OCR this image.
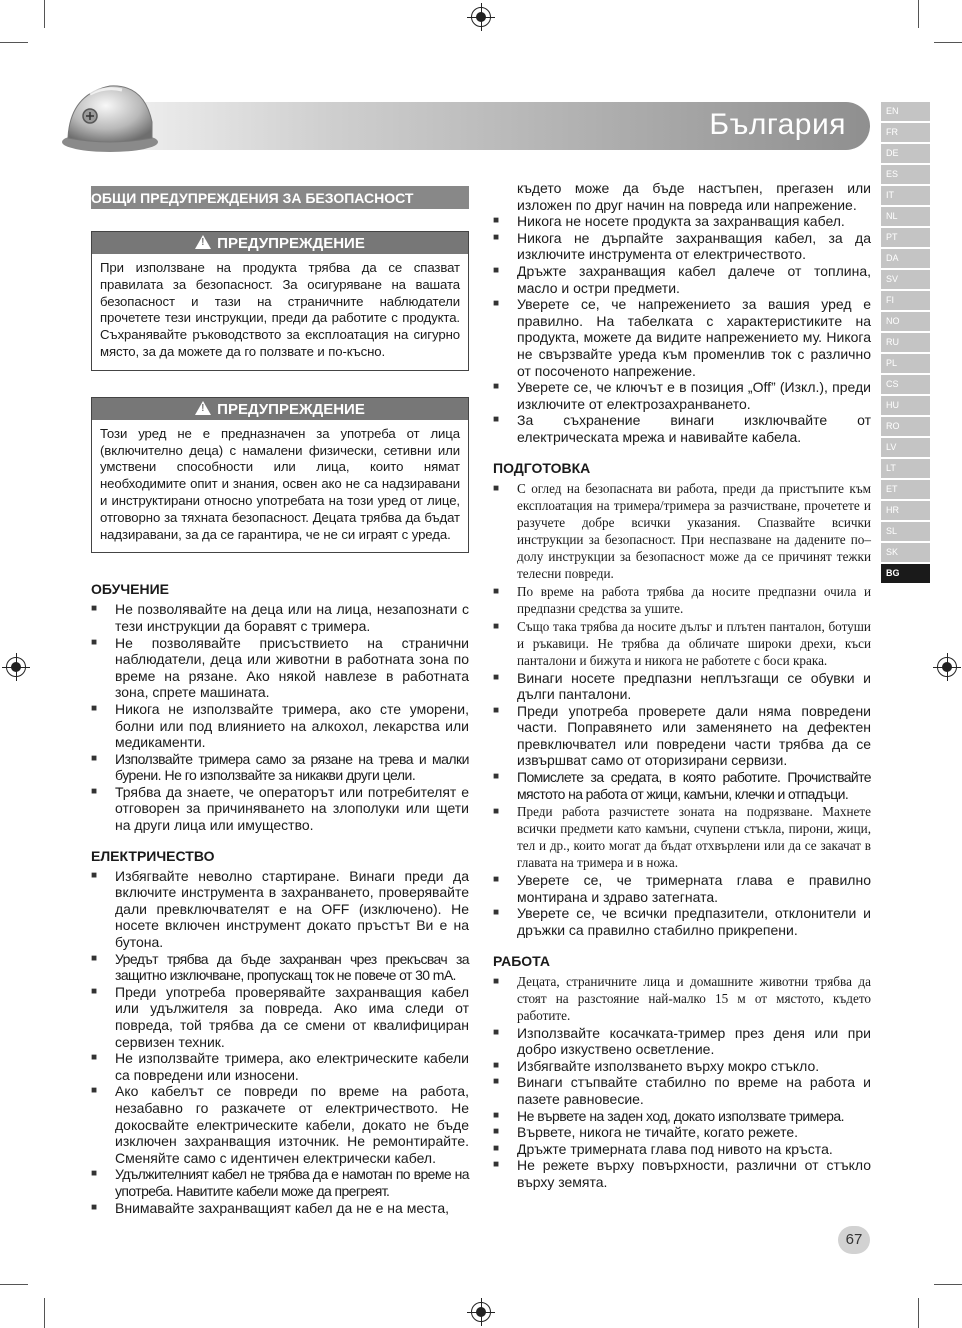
България	EN
FR
DE
ES
IT
NL
PT
DA
SV
FI
NO
RU
PL
CS
HU
RO
LV
LT
ET
HR
SL
SK
BG
ОБЩИ ПРЕДУПРЕЖДЕНИЯ ЗА БЕЗОПАСНОСТ
!ПРЕДУПРЕЖДЕНИЕ
При използване на продукта трябва да се спазват правилата за безопасност. За осигуряване на вашата безопасност и тази на страничните наблюдатели прочетете тези инструкции, преди да работите с продукта. Съхранявайте ръководството за експлоатация на сигурно място, за да можете да го ползвате и по-късно.
!ПРЕДУПРЕЖДЕНИЕ
Този уред не е предназначен за употреба от лица (включително деца) с намалени физически, сетивни или умствени способности или лица, които нямат необходимите опит и знания, освен ако не са надзиравани и инструктирани относно употребата на този уред от лице, отговорно за тяхната безопасност. Децата трябва да бъдат надзиравани, за да се гарантира, че не си играят с уреда.
ОБУЧЕНИЕ
■ Не позволявайте на деца или на лица, незапознати с тези инструкции да боравят с тримера.
■ Не позволявайте присъствието на странични наблюдатели, деца или животни в работната зона по време на рязане. Ако някой навлезе в работната зона, спрете машината.
■ Никога не използвайте тримера, ако сте уморени, болни или под влиянието на алкохол, лекарства или медикаменти.
■ Използвайте тримера само за рязане на трева и малки бурени. Не го използвайте за никакви други цели.
■ Трябва да знаете, че операторът или потребителят е отговорен за причиняването на злополуки или щети на други лица или имущество.
ЕЛЕКТРИЧЕСТВО
■ Избягвайте неволно стартиране. Винаги преди да включите инструмента в захранването, проверявайте дали превключвателят е на OFF (изключено). Не носете включен инструмент докато пръстът Ви е на бутона.
■ Уредът трябва да бъде захранван чрез прекъсвач за защитно изключване, пропускащ ток не повече от 30 mA.
■ Преди употреба проверявайте захранващия кабел или удължителя за повреда. Ако има следи от повреда, той трябва да се смени от квалифициран сервизен техник.
■ Не използвайте тримера, ако електрическите кабели са повредени или износени.
■ Ако кабелът се повреди по време на работа, незабавно го разкачете от електричеството. Не докосвайте електрическите кабели, докато не бъде изключен захранващия източник. Не ремонтирайте. Сменяйте само с идентичен електрически кабел.
■ Удължителният кабел не трябва да е намотан по време на употреба. Навитите кабели може да прегреят.
■ Внимавайте захранващият кабел да не е на места,
където може да бъде настъпен, прегазен или изложен по друг начин на повреда или напрежение.
■ Никога не носете продукта за захранващия кабел.
■ Никога не дърпайте захранващия кабел, за да изключите инструмента от електричеството.
■ Дръжте захранващия кабел далече от топлина, масло и остри предмети.
■ Уверете се, че напрежението за вашия уред е правилно. На табелката с характеристиките на продукта, можете да видите напрежението му. Никога не свързвайте уреда към променлив ток с различно от посоченото напрежение.
■ Уверете се, че ключът е в позиция „Off” (Изкл.), преди изключите от електрозахранването.
■ За съхранение винаги изключвайте от електрическата мрежа и навивайте кабела.
ПОДГОТОВКА
■ С оглед на безопасната ви работа, преди да пристъпите към експлоатация на тримера/тримера за разчистване, прочетете и разучете добре всички указания. Спазвайте всички инструкции за безопасност. При неспазване на дадените по–долу инструкции за безопасност може да се причинят тежки телесни повреди.
■ По време на работа трябва да носите предпазни очила и предпазни средства за ушите.
■ Също така трябва да носите дълъг и плътен панталон, ботуши и ръкавици. Не трябва да обличате широки дрехи, къси панталони и бижута и никога не работете с боси крака.
■ Винаги носете предпазни неплъзгащи се обувки и дълги панталони.
■ Преди употреба проверете дали няма повредени части. Поправянето или заменянето на дефектен превключвател или повредени части трябва да се извършват само от оторизирани сервизи.
■ Помислете за средата, в която работите. Прочиствайте мястото на работа от жици, камъни, клечки и отпадъци.
■ Преди работа разчистете зоната на подрязване. Махнете всички предмети като камъни, счупени стъкла, пирони, жици, тел и др., които могат да бъдат отхвърлени или да се закачат в главата на тримера и в ножа.
■ Уверете се, че тримерната глава е правилно монтирана и здраво затегната.
■ Уверете се, че всички предпазители, отклонители и дръжки са правилно стабилно прикрепени.
РАБОТА
■ Децата, страничните лица и домашните животни трябва да стоят на разстояние най-малко 15 м от мястото, където работите.
■ Използвайте косачката-тример през деня или при добро изкуствено осветление.
■ Избягвайте използването върху мокро стъкло.
■ Винаги стъпвайте стабилно по време на работа и пазете равновесие.
■ Не вървете на заден ход, докато използвате тримера.
■ Вървете, никога не тичайте, когато режете.
■ Дръжте тримерната глава под нивото на кръста.
■ Не режете върху повърхности, различни от стъкло върху земята.
67
